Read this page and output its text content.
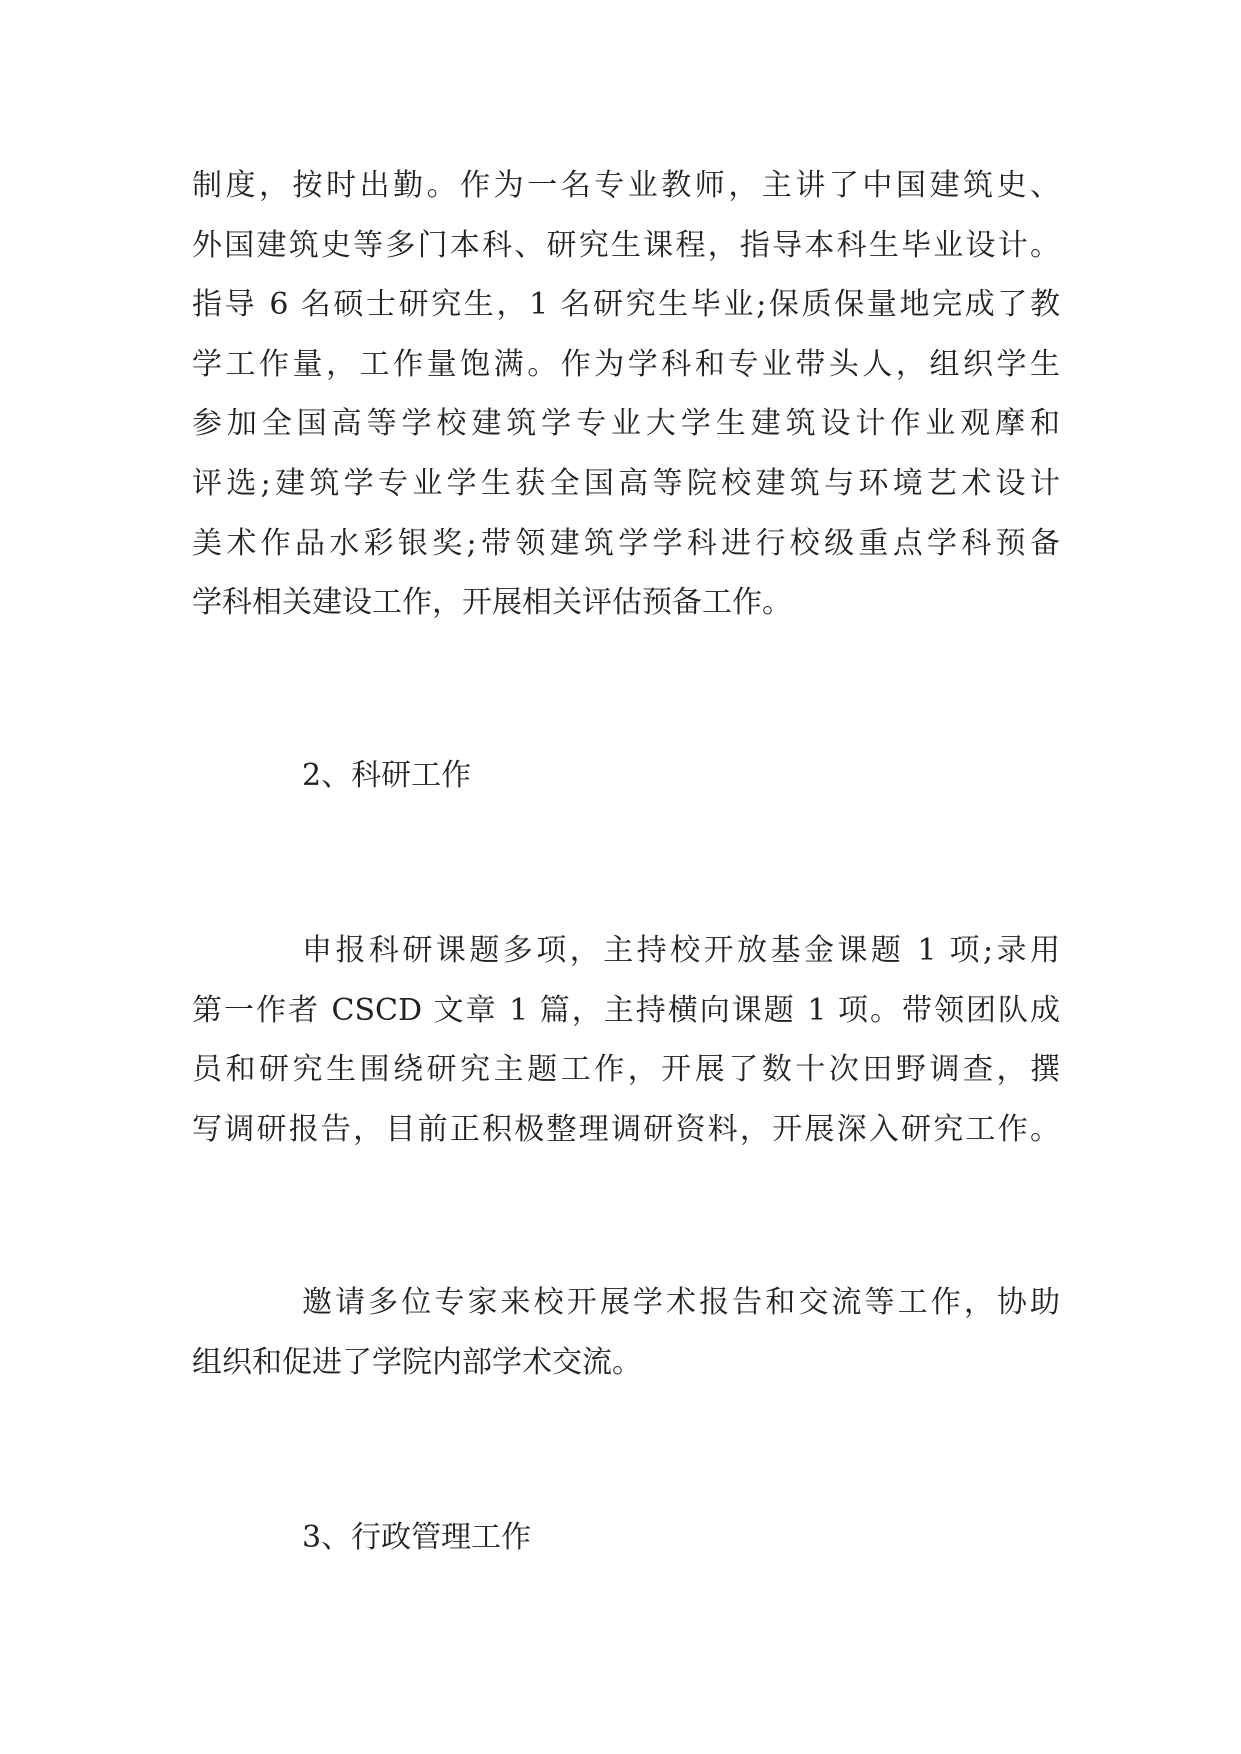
制度，按时出勤。作为一名专业教师，主讲了中国建筑史、
外国建筑史等多门本科、研究生课程，指导本科生毕业设计。
指导 6 名硕士研究生，1 名研究生毕业;保质保量地完成了教
学工作量，工作量饱满。作为学科和专业带头人，组织学生
参加全国高等学校建筑学专业大学生建筑设计作业观摩和
评选;建筑学专业学生获全国高等院校建筑与环境艺术设计
美术作品水彩银奖;带领建筑学学科进行校级重点学科预备
学科相关建设工作，开展相关评估预备工作。
2、科研工作
申报科研课题多项，主持校开放基金课题 1 项;录用
第一作者 CSCD 文章 1 篇，主持横向课题 1 项。带领团队成
员和研究生围绕研究主题工作，开展了数十次田野调查，撰
写调研报告，目前正积极整理调研资料，开展深入研究工作。
邀请多位专家来校开展学术报告和交流等工作，协助
组织和促进了学院内部学术交流。
3、行政管理工作
